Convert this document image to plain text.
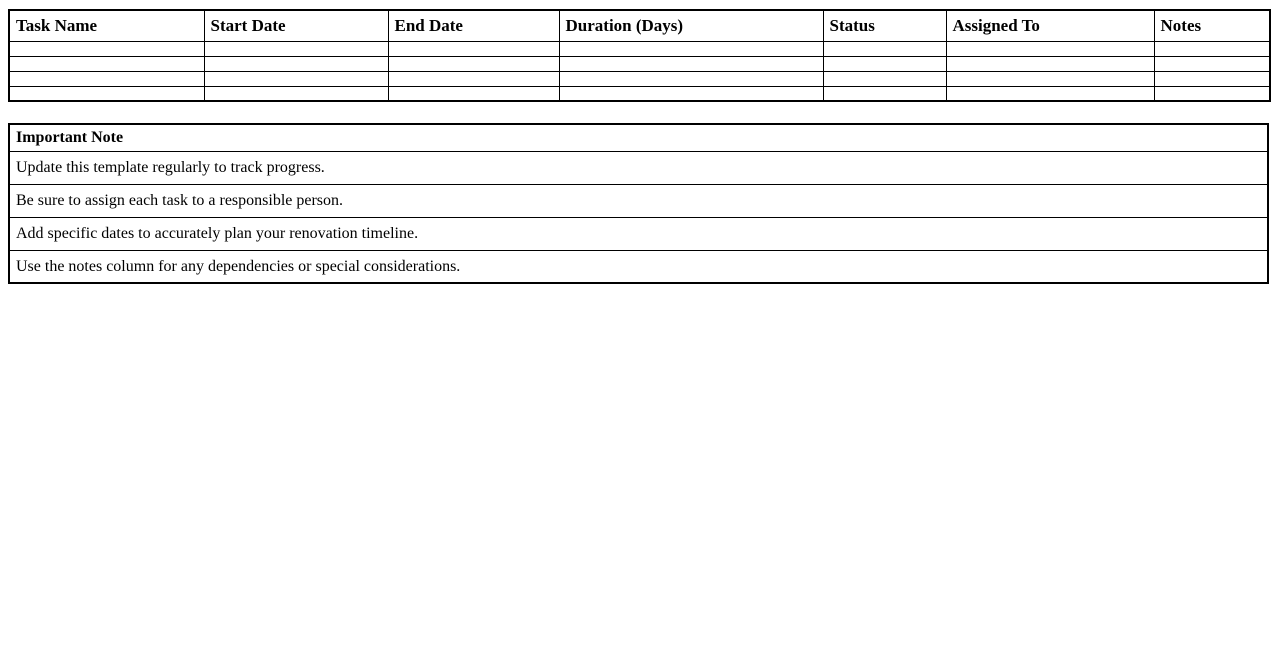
Task Name	Start Date	End Date	Duration (Days)	Status	Assigned To	Notes

Important Note
Update this template regularly to track progress.
Be sure to assign each task to a responsible person.
Add specific dates to accurately plan your renovation timeline.
Use the notes column for any dependencies or special considerations.
